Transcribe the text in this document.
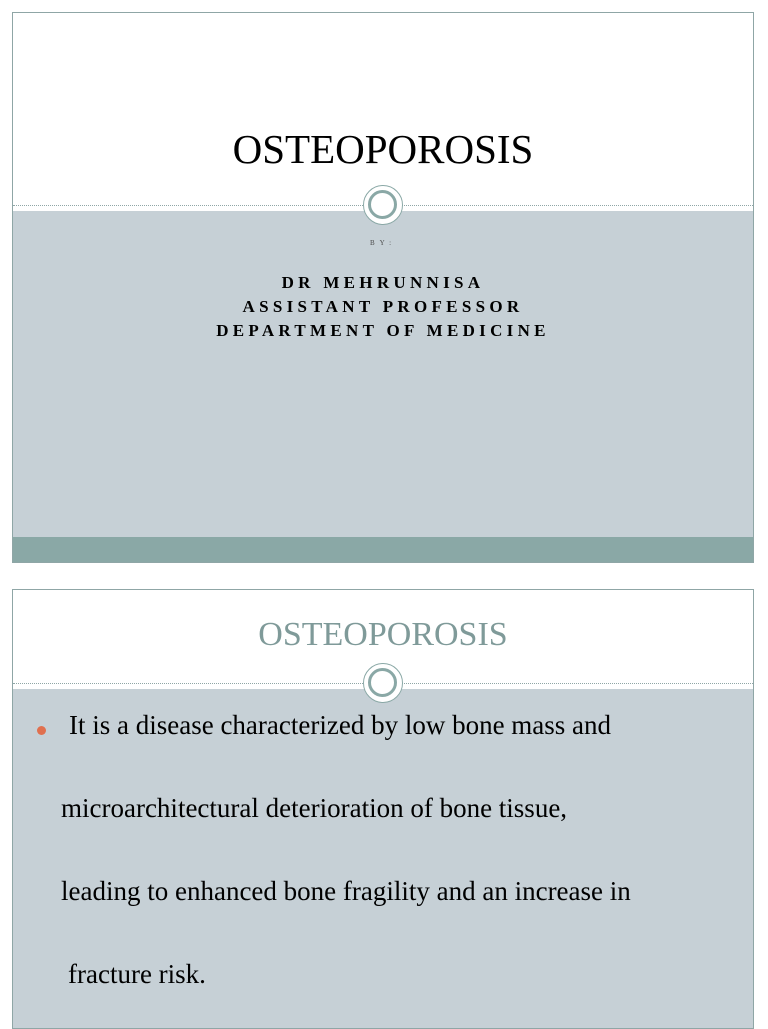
OSTEOPOROSIS
BY:
DR MEHRUNNISA
ASSISTANT PROFESSOR
DEPARTMENT OF MEDICINE
OSTEOPOROSIS
It is a disease characterized by low bone mass and
microarchitectural deterioration of bone tissue,
leading to enhanced bone fragility and an increase in
fracture risk.
